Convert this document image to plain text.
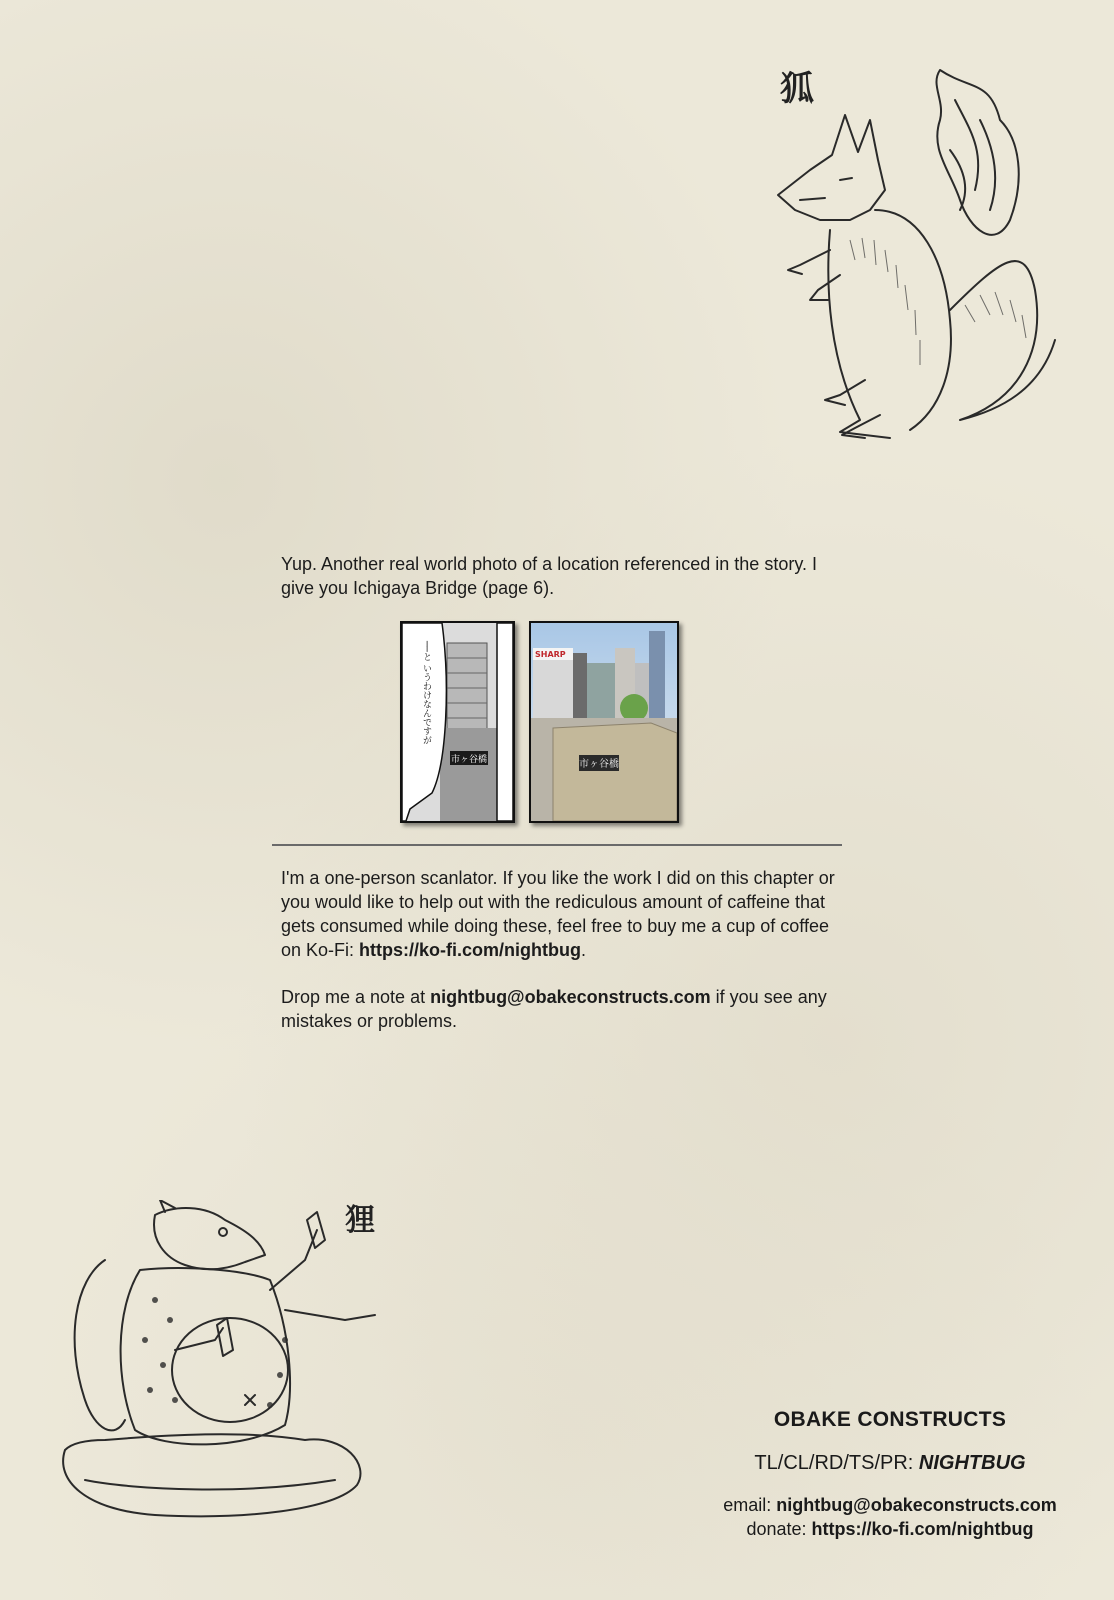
狐
Yup. Another real world photo of a location referenced in the story. I give you Ichigaya Bridge (page 6).
市ヶ谷橋
──と いうわけなんですが	SHARP
市ヶ谷橋
I'm a one-person scanlator. If you like the work I did on this chapter or you would like to help out with the rediculous amount of caffeine that gets consumed while doing these, feel free to buy me a cup of coffee on Ko-Fi: https://ko-fi.com/nightbug.
Drop me a note at nightbug@obakeconstructs.com if you see any mistakes or problems.
狸
OBAKE CONSTRUCTS
TL/CL/RD/TS/PR: NIGHTBUG
email: nightbug@obakeconstructs.com
donate: https://ko-fi.com/nightbug
